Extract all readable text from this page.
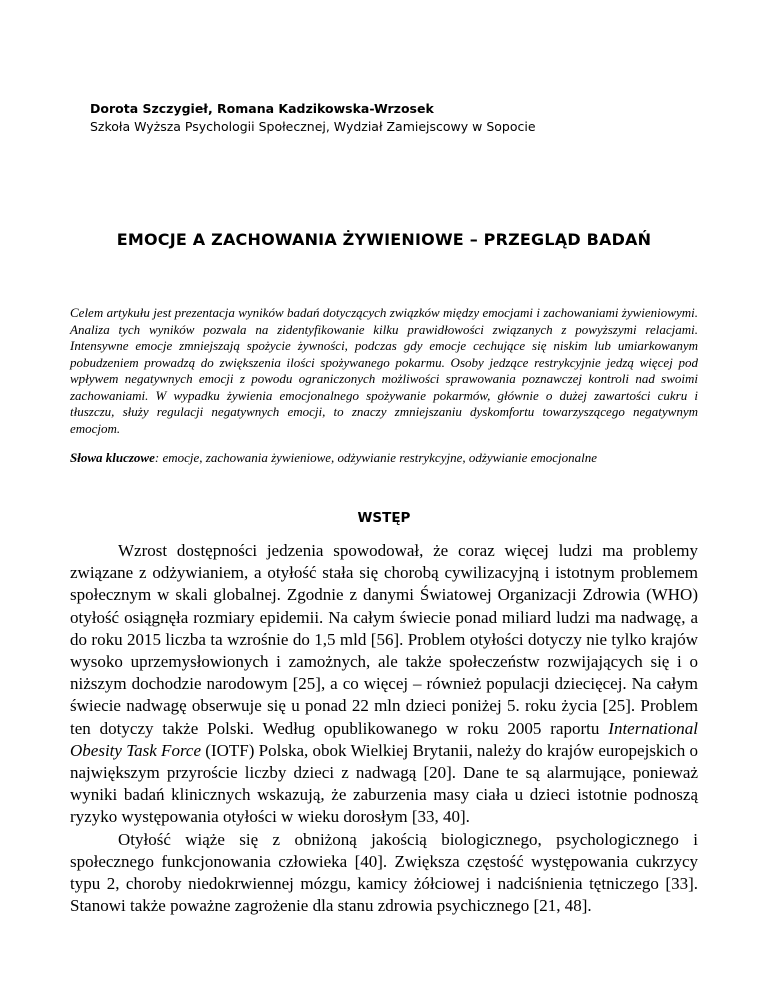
Dorota Szczygieł, Romana Kadzikowska-Wrzosek
Szkoła Wyższa Psychologii Społecznej, Wydział Zamiejscowy w Sopocie
EMOCJE A ZACHOWANIA ŻYWIENIOWE – PRZEGLĄD BADAŃ

Celem artykułu jest prezentacja wyników badań dotyczących związków między emocjami i zachowaniami żywieniowymi. Analiza tych wyników pozwala na zidentyfikowanie kilku prawidłowości związanych z powyższymi relacjami. Intensywne emocje zmniejszają spożycie żywności, podczas gdy emocje cechujące się niskim lub umiarkowanym pobudzeniem prowadzą do zwiększenia ilości spożywanego pokarmu. Osoby jedzące restrykcyjnie jedzą więcej pod wpływem negatywnych emocji z powodu ograniczonych możliwości sprawowania poznawczej kontroli nad swoimi zachowaniami. W wypadku żywienia emocjonalnego spożywanie pokarmów, głównie o dużej zawartości cukru i tłuszczu, służy regulacji negatywnych emocji, to znaczy zmniejszaniu dyskomfortu towarzyszącego negatywnym emocjom.

Słowa kluczowe: emocje, zachowania żywieniowe, odżywianie restrykcyjne, odżywianie emocjonalne
WSTĘP

Wzrost dostępności jedzenia spowodował, że coraz więcej ludzi ma problemy związane z odżywianiem, a otyłość stała się chorobą cywilizacyjną i istotnym problemem społecznym w skali globalnej. Zgodnie z danymi Światowej Organizacji Zdrowia (WHO) otyłość osiągnęła rozmiary epidemii. Na całym świecie ponad miliard ludzi ma nadwagę, a do roku 2015 liczba ta wzrośnie do 1,5 mld [56]. Problem otyłości dotyczy nie tylko krajów wysoko uprzemysłowionych i zamożnych, ale także społeczeństw rozwijających się i o niższym dochodzie narodowym [25], a co więcej – również populacji dziecięcej. Na całym świecie nadwagę obserwuje się u ponad 22 mln dzieci poniżej 5. roku życia [25]. Problem ten dotyczy także Polski. Według opublikowanego w roku 2005 raportu International Obesity Task Force (IOTF) Polska, obok Wielkiej Brytanii, należy do krajów europejskich o największym przyroście liczby dzieci z nadwagą [20]. Dane te są alarmujące, ponieważ wyniki badań klinicznych wskazują, że zaburzenia masy ciała u dzieci istotnie podnoszą ryzyko występowania otyłości w wieku dorosłym [33, 40].

Otyłość wiąże się z obniżoną jakością biologicznego, psychologicznego i społecznego funkcjonowania człowieka [40]. Zwiększa częstość występowania cukrzycy typu 2, choroby niedokrwiennej mózgu, kamicy żółciowej i nadciśnienia tętniczego [33]. Stanowi także poważne zagrożenie dla stanu zdrowia psychicznego [21, 48].
